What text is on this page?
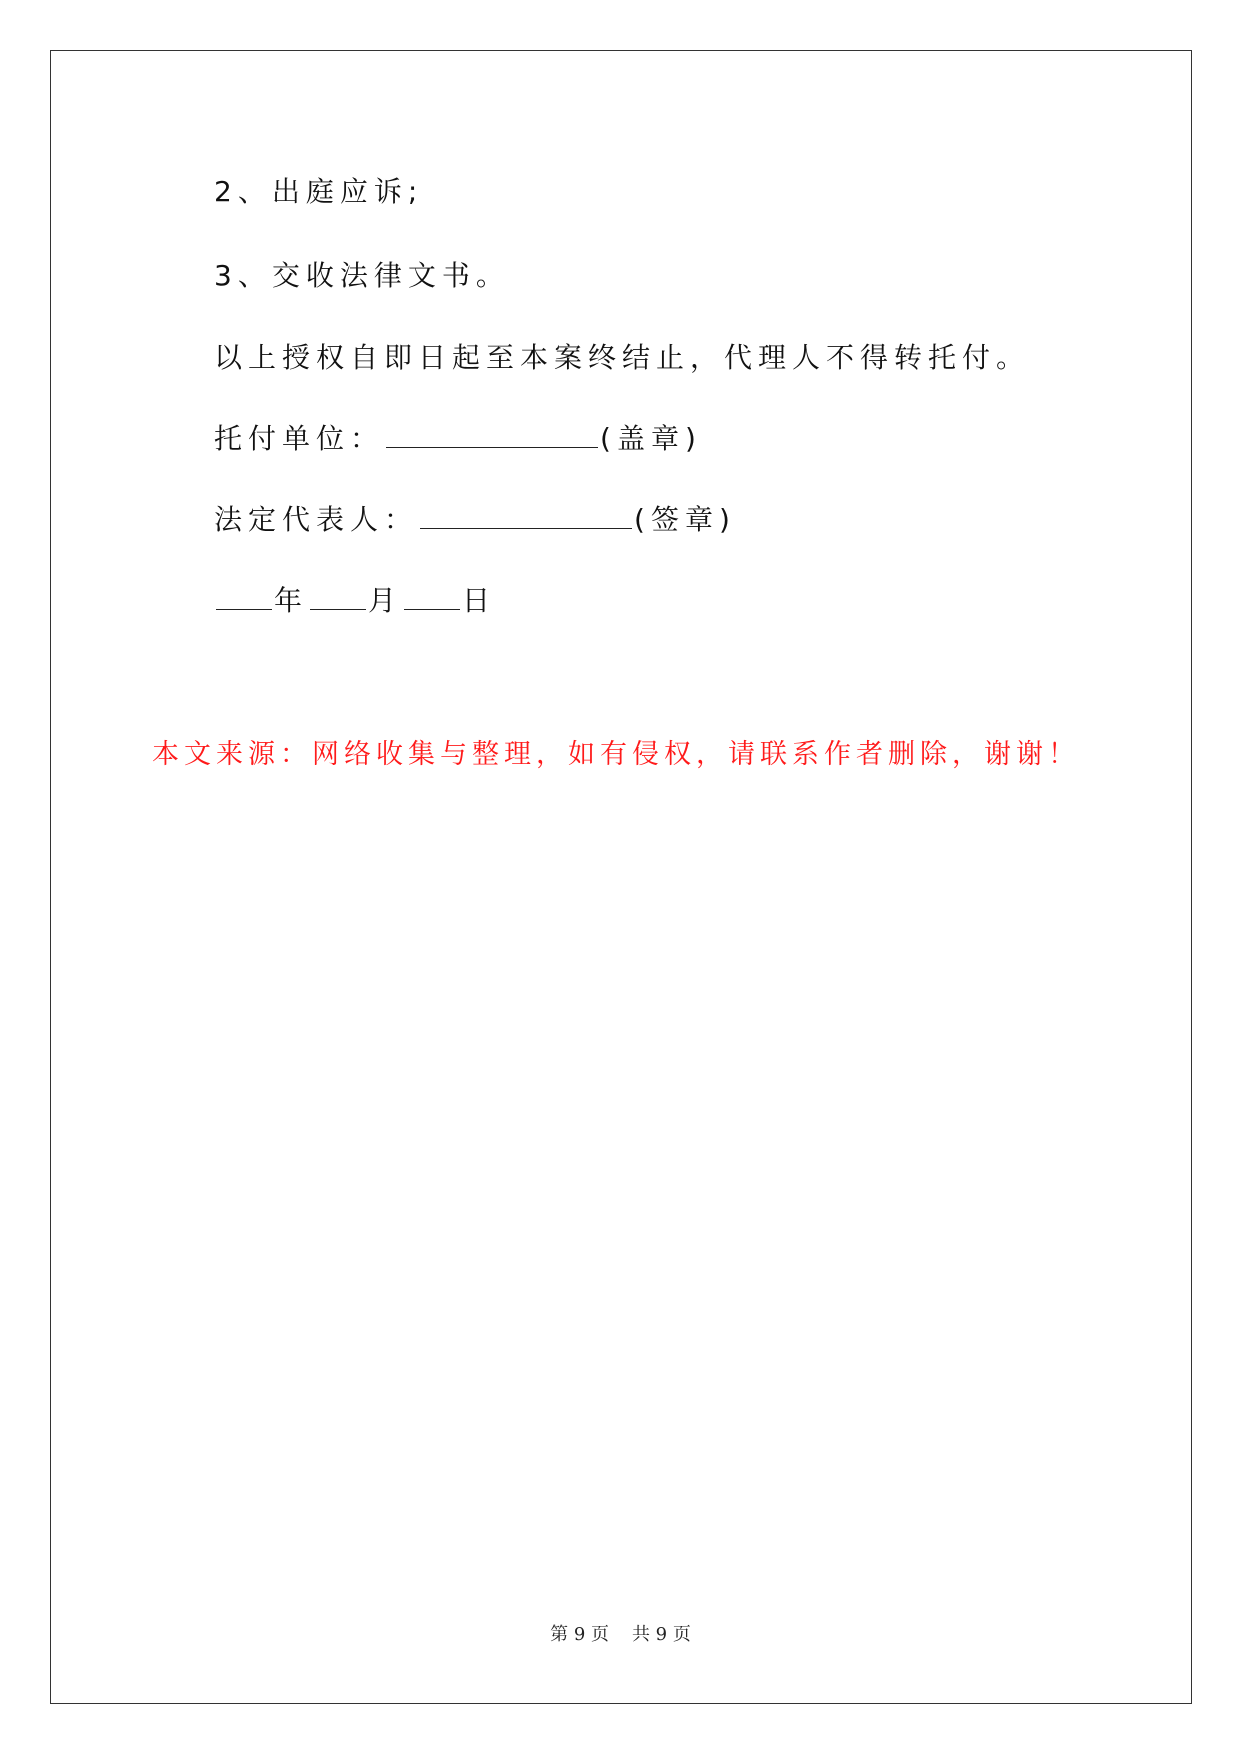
2、出庭应诉;
3、交收法律文书。
以上授权自即日起至本案终结止，代理人不得转托付。
托付单位：	(盖章)
法定代表人：	(签章)
年 月 日
本文来源：网络收集与整理，如有侵权，请联系作者删除，谢谢！
第 9 页    共 9 页
